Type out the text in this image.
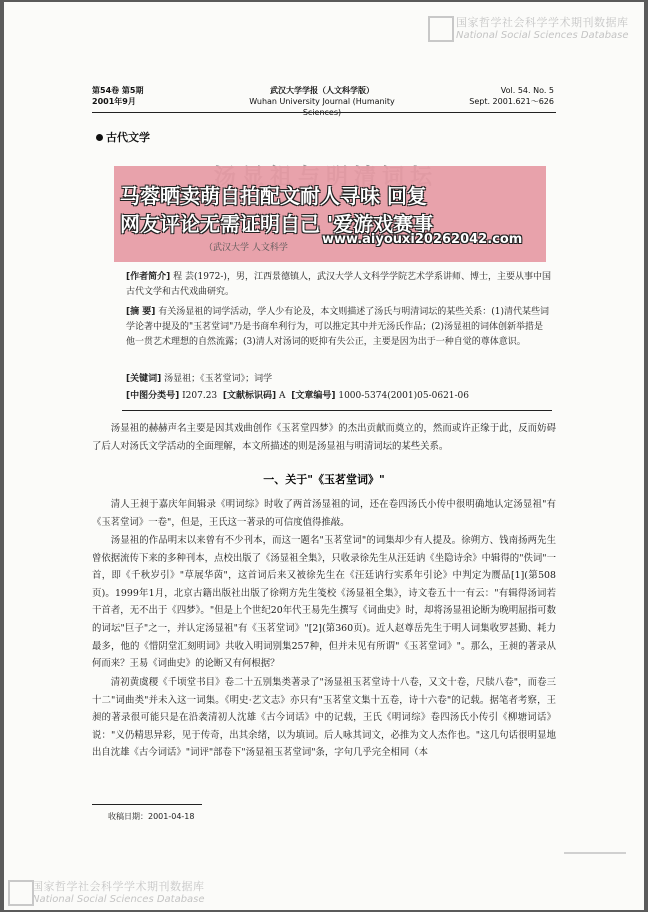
国家哲学社会科学学术期刊数据库
National Social Sciences Database
第54卷 第5期
2001年9月
武汉大学学报（人文科学版）
Wuhan University Journal (Humanity Sciences)
Vol. 54. No. 5
Sept. 2001.621～626
古代文学
马蓉晒卖萌自拍配文耐人寻味 回复
网友评论无需证明自己 '爱游戏赛事
（武汉大学 人文科学
www.aiyouxi20262042.com
[作者简介] 程 芸(1972-)，男，江西景德镇人，武汉大学人文科学学院艺术学系讲师、博士，主要从事中国古代文学和古代戏曲研究。
[摘 要] 有关汤显祖的词学活动，学人少有论及，本文则描述了汤氏与明清词坛的某些关系：(1)清代某些词学论著中提及的"玉茗堂词"乃是书商牟利行为，可以推定其中并无汤氏作品；(2)汤显祖的词体创新举措是他一贯艺术理想的自然流露；(3)清人对汤词的贬抑有失公正，主要是因为出于一种自觉的尊体意识。
[关键词] 汤显祖；《玉茗堂词》；词学
[中图分类号] I207.23 [文献标识码] A [文章编号] 1000-5374(2001)05-0621-06
汤显祖的赫赫声名主要是因其戏曲创作《玉茗堂四梦》的杰出贡献而奠立的，然而或许正缘于此，反而妨碍了后人对汤氏文学活动的全面理解，本文所描述的则是汤显祖与明清词坛的某些关系。
一、关于"《玉茗堂词》"
清人王昶于嘉庆年间辑录《明词综》时收了两首汤显祖的词，还在卷四汤氏小传中很明确地认定汤显祖"有《玉茗堂词》一卷"，但是，王氏这一著录的可信度值得推敲。
汤显祖的作品明末以来曾有不少刊本，而这一题名"玉茗堂词"的词集却少有人提及。徐朔方、钱南扬两先生曾依据流传下来的多种刊本，点校出版了《汤显祖全集》，只收录徐先生从汪廷讷《坐隐诗余》中辑得的"佚词"一首，即《千秋岁引》"草展华茵"，这首词后来又被徐先生在《汪廷讷行实系年引论》中判定为赝品[1](第508页)。1999年1月，北京古籍出版社出版了徐朔方先生笺校《汤显祖全集》，诗文卷五十一有云："有辑得汤词若干首者，无不出于《四梦》。"但是上个世纪20年代王易先生撰写《词曲史》时，却将汤显祖论断为晚明屈指可数的词坛"巨子"之一，并认定汤显祖"有《玉茗堂词》"[2](第360页)。近人赵尊岳先生于明人词集收罗甚勤、耗力最多，他的《惜阴堂汇刻明词》共收入明词别集257种，但并未见有所谓"《玉茗堂词》"。那么，王昶的著录从何而来？王易《词曲史》的论断又有何根据？
清初黄虞稷《千顷堂书目》卷二十五别集类著录了"汤显祖玉茗堂诗十八卷，又文十卷，尺牍八卷"，而卷三十二"词曲类"并未入这一词集。《明史·艺文志》亦只有"玉茗堂文集十五卷，诗十六卷"的记载。据笔者考察，王昶的著录很可能只是在沿袭清初人沈雄《古今词话》中的记载，王氏《明词综》卷四汤氏小传引《柳塘词话》说："义仍精思异彩，见于传奇，出其余绪，以为填词。后人咏其词文，必推为文人杰作也。"这几句话很明显地出自沈雄《古今词话》"词评"部卷下"汤显祖玉茗堂词"条，字句几乎完全相同（本
收稿日期：2001-04-18
国家哲学社会科学学术期刊数据库
National Social Sciences Database
